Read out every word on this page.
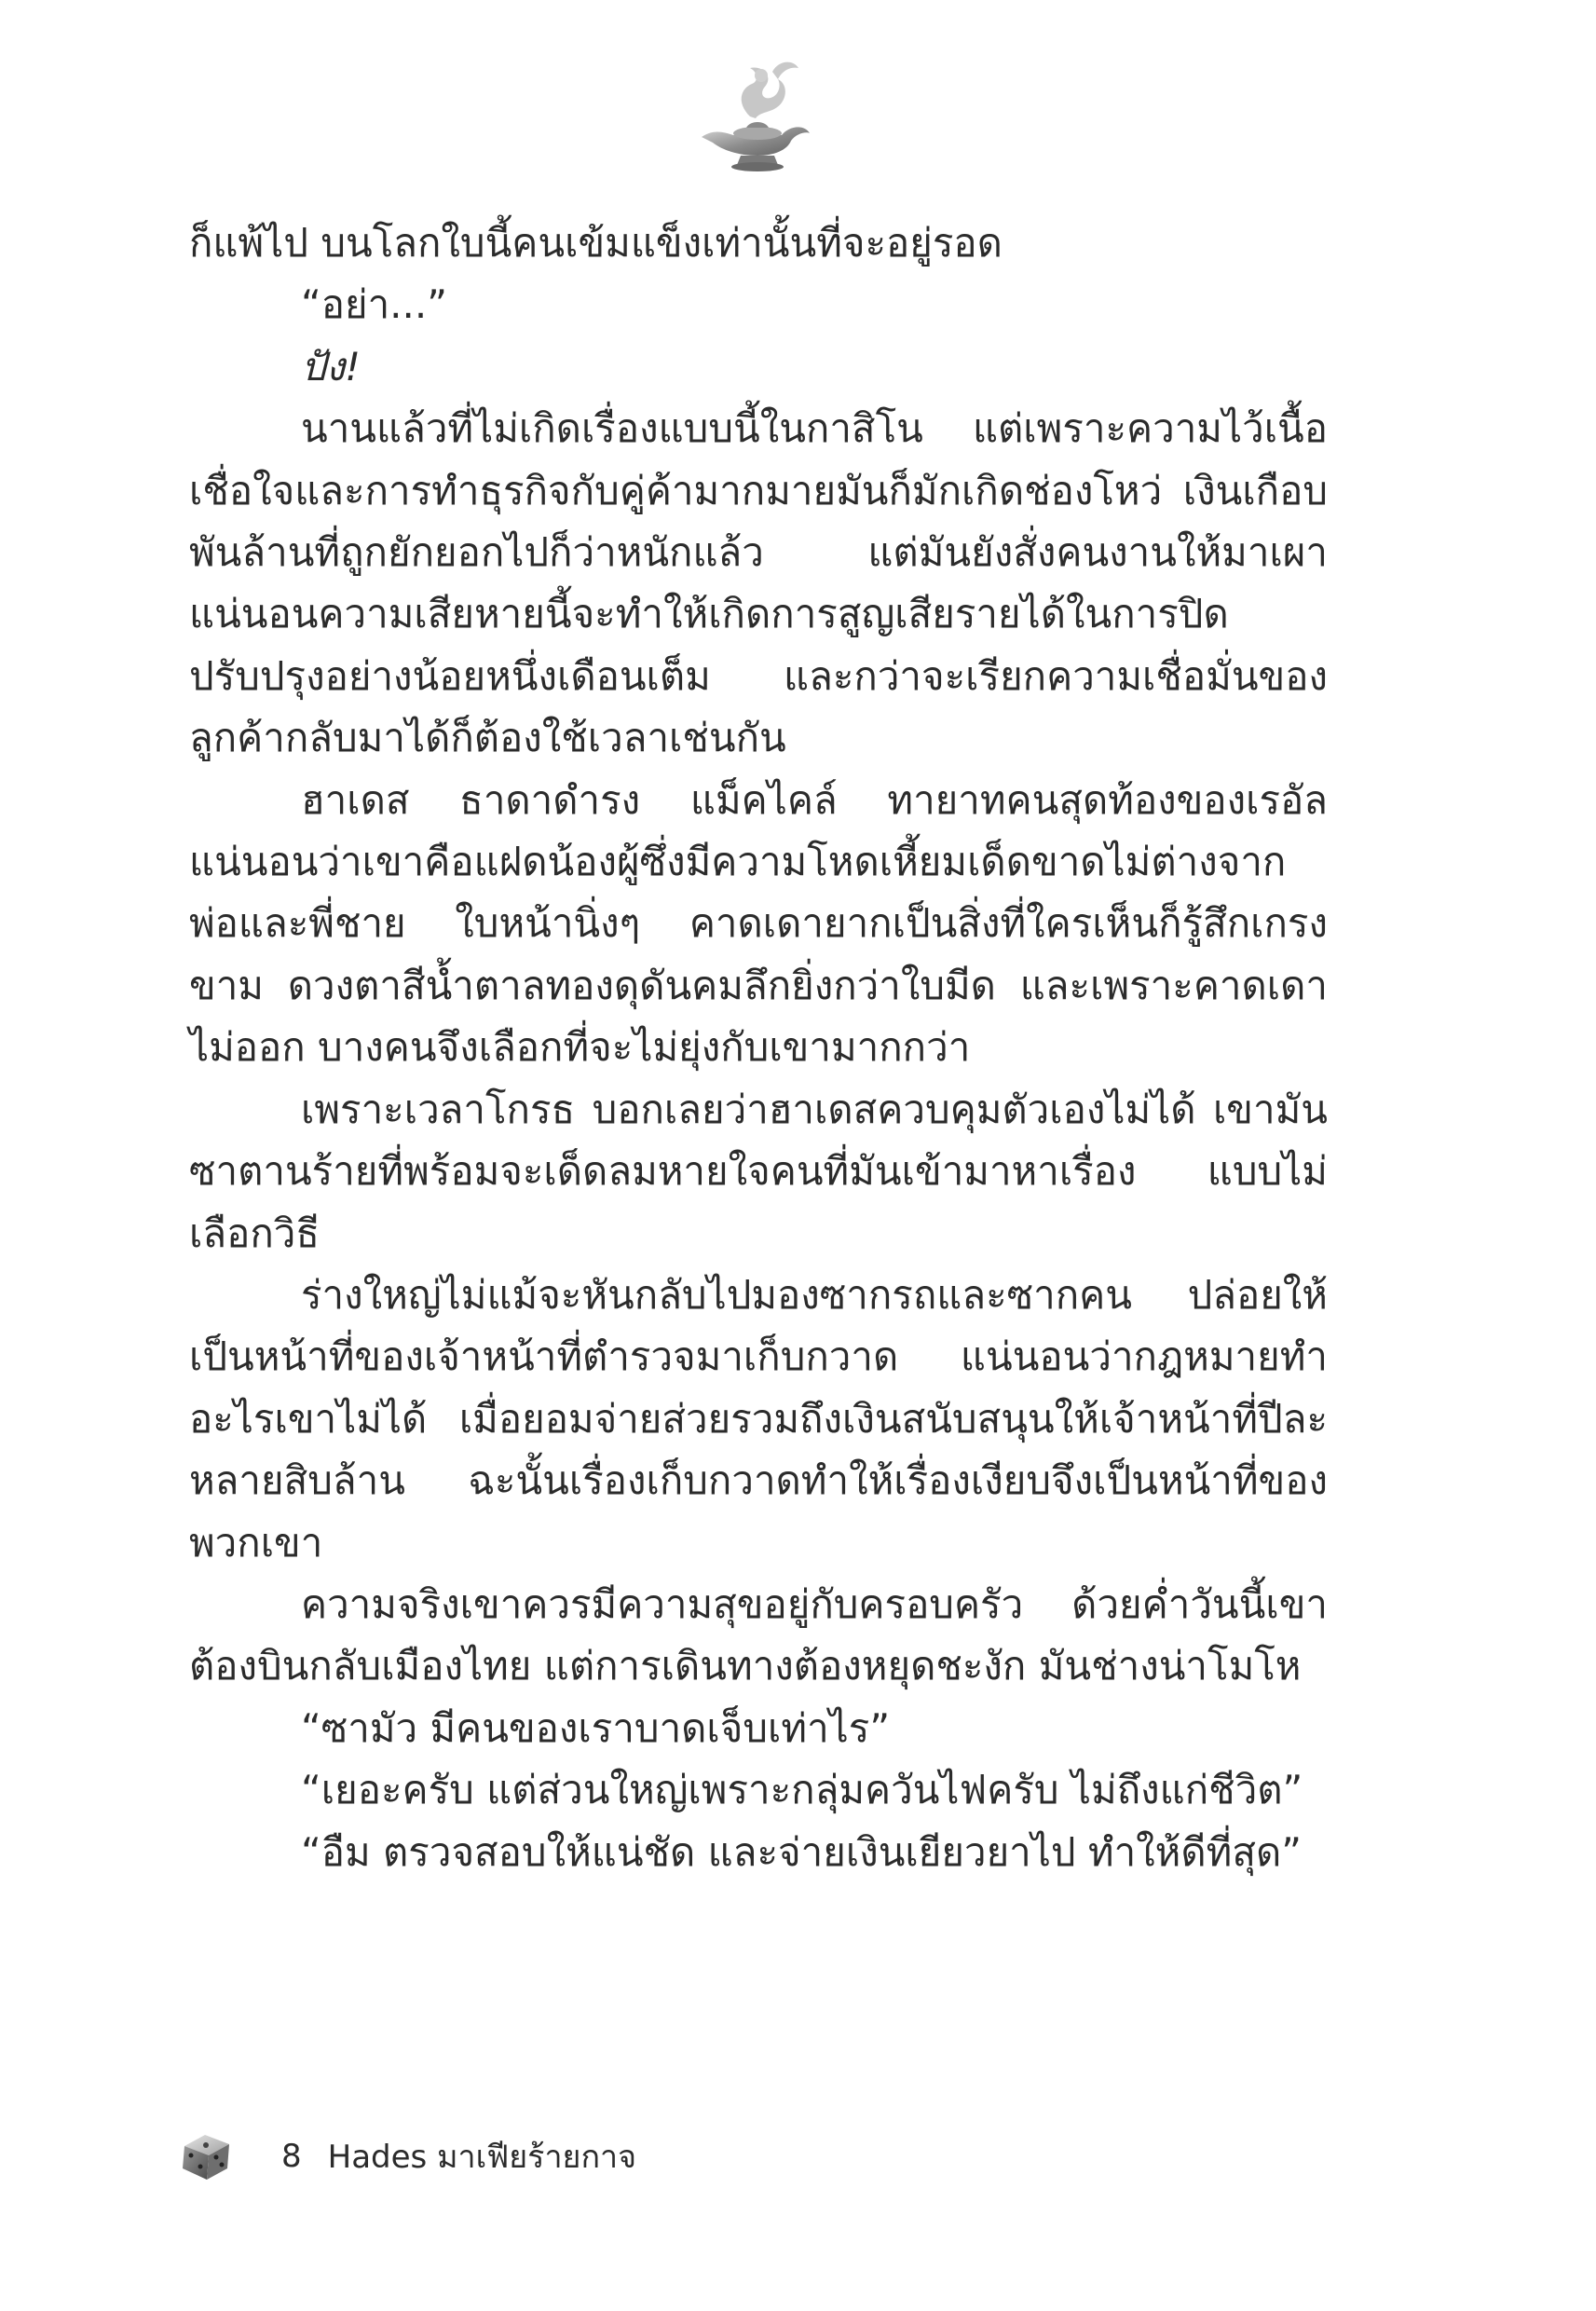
ก็แพ้ไป บนโลกใบนี้คนเข้มแข็งเท่านั้นที่จะอยู่รอด

“อย่า...”

ปัง!

นานแล้วที่ไม่เกิดเรื่องแบบนี้ในกาสิโน แต่เพราะความไว้เนื้อเชื่อใจและการทำธุรกิจกับคู่ค้ามากมายมันก็มักเกิดช่องโหว่ เงินเกือบพันล้านที่ถูกยักยอกไปก็ว่าหนักแล้ว แต่มันยังสั่งคนงานให้มาเผา แน่นอนความเสียหายนี้จะทำให้เกิดการสูญเสียรายได้ในการปิดปรับปรุงอย่างน้อยหนึ่งเดือนเต็ม และกว่าจะเรียกความเชื่อมั่นของลูกค้ากลับมาได้ก็ต้องใช้เวลาเช่นกัน

ฮาเดส ธาดาดำรง แม็คไคล์ ทายาทคนสุดท้องของเรอัล แน่นอนว่าเขาคือแฝดน้องผู้ซึ่งมีความโหดเหี้ยมเด็ดขาดไม่ต่างจากพ่อและพี่ชาย ใบหน้านิ่งๆ คาดเดายากเป็นสิ่งที่ใครเห็นก็รู้สึกเกรงขาม ดวงตาสีน้ำตาลทองดุดันคมลึกยิ่งกว่าใบมีด และเพราะคาดเดาไม่ออก บางคนจึงเลือกที่จะไม่ยุ่งกับเขามากกว่า

เพราะเวลาโกรธ บอกเลยว่าฮาเดสควบคุมตัวเองไม่ได้ เขามันซาตานร้ายที่พร้อมจะเด็ดลมหายใจคนที่มันเข้ามาหาเรื่อง แบบไม่เลือกวิธี

ร่างใหญ่ไม่แม้จะหันกลับไปมองซากรถและซากคน ปล่อยให้เป็นหน้าที่ของเจ้าหน้าที่ตำรวจมาเก็บกวาด แน่นอนว่ากฎหมายทำอะไรเขาไม่ได้ เมื่อยอมจ่ายส่วยรวมถึงเงินสนับสนุนให้เจ้าหน้าที่ปีละหลายสิบล้าน ฉะนั้นเรื่องเก็บกวาดทำให้เรื่องเงียบจึงเป็นหน้าที่ของพวกเขา

ความจริงเขาควรมีความสุขอยู่กับครอบครัว ด้วยค่ำวันนี้เขาต้องบินกลับเมืองไทย แต่การเดินทางต้องหยุดชะงัก มันช่างน่าโมโห

“ซามัว มีคนของเราบาดเจ็บเท่าไร”

“เยอะครับ แต่ส่วนใหญ่เพราะกลุ่มควันไฟครับ ไม่ถึงแก่ชีวิต”

“อืม ตรวจสอบให้แน่ชัด และจ่ายเงินเยียวยาไป ทำให้ดีที่สุด”

8 Hades มาเฟียร้ายกาจ
